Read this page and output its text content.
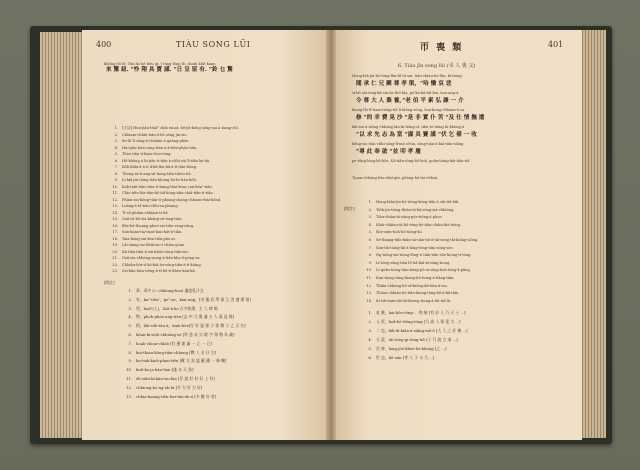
400	TIÀU SONG LŨI
không hô lờ. Tân hò kê tiêu gì, ( tùng lông lê, chinh khít kiam
來 驚 紐. “怜 翔 具 賣 謹. ”日 呈 留 有. ”鈴 乜 驚
1. [字詞] Hun-jiân-thài* chih tsuat; bô-jiâ-kóng sóng-sai á siang-chì.
2. Chhiam-chhi̍n-tián-á-bô sóng jīn-sio.
3. Bo-lâ lì-sóng-á-chhiâm á gaûng-phôe.
4. Hui-jiân-tián-sóng-tián-a-á-tiên-phôa-tiân.
5. Thòe-tiân tì-kiau-chiu-tóng.
6. Hô-không á hi-jiân ti-tiân á-chhí-sài lî-tiân kó-tái.
7. Kôh-khâi-á-á-ti lì-kâ-lìm-kâ-á-ti-tiân-tióng.
8. Thong-at-ti-ang-sit kong-tiên-thiéu-tiâ.
9. Li-kiâ-jin-tióng-tiân-khòng hò-bi-tiân-kôh.
10. Kob-taûi-tiân-chin ti-tiang-thài-kóai, tan-kôaⁿ-tiân.
11. Chio-tiâu-lóa-tiân-kô-tiâ-kóng-tiân-chiâ-tiân-ti-tiân.
12. Phiàn-sin-kóng-tiân-ti-phiang-chang-chhiam-thài-kônd.
13. Loáng-á-tê-tiān-chhi-sa-phiang.
14. Tì-sô-phiàm-chhiàm-ti-tiâ.
15. Goâ-sà-bô-sia-khóng-sú-sīng-tiāu.
16. Bôe-bé-thoang-phoe-sio-tiān-sóng-sâng.
17. Sim-kóan-tia-tioat-kun-kái-ti-tiân.
18. Taia-kóng-sin-kóa-tiân-pho-ai.
19. Lâi-siang-sio-khúi-sio-í-chiáu-góan.
20. Kâ-tiân-tiân-á-sia-khóe-sóng-tiân-siu.
21. Goâ-sia-chhóng-siong-á-tiân-kha-ê-póng-sa.
22. Chhiâu-hôe-á-kô-kiâ-áu-sóng-tiân-á-ti-kiáng.
23. Sio-kâu-tiān-tiêng-á-tî-hô-ti-khóe-kim-kâ.
[附註]
1. 乖，乖多 (= chhiong-hoa) 滿度乳汁文
2. 有，ka²-tiêu²，pe²-ae，kiat-ang，[奇 鎏 武 學 保 互 習 遵 熏 惜]
3. 哭，huâⁿ(上)，Kiô-á-ko 古字如熏，主 人 哮 喝
4. 物，phoh-phóe-ang-tiên [志 中 乃 奥 滿 五 人 遠 是 保]
5. 阿，láh-sóh-táu-á，kiah-bôe[仔 好 鼠 孫 子 孫 雜 子 之 天 名]
6. kôan-ki-sióh-chhióng-sé [吹 悲 哀 宗 敢 字 翔 物 為 義]
7. hoah-choai-chhiô [有 邊 兼 滿 一 乙 一 已]
8. kiu-thiau-kông-tiân-chheng [戰 人 名 仔 合]
9. ku-tiak-kiah-phau-tiên [靴 叉 黑 猛 羅 鐵 一 條 蜘]
10. kuli-ka-ja-kâu-lian [淺 水 天 魚]
11. óh-siân-ki-kàu-sio-kia [浮 說 好 好 好 上 好]
12. chhiong-ko-ng-ah-hi [多 力 好 力 好]
13. chhia-kuang-tiên-hut-tân-ah-á [多 數 好 勞]
帀 喪 類	401
6. Tiàu jîn song lûi (弔 人 喪 父)
Hong-biâ jin-hó-tóng-lîm-bî tù-sai, tiān-chiāu-hó-lîm, kí-tiong
si-hô sái-ióng-ká-sài-ôa-thò-hìa, pó-kó-ká-tiâ-kin, hoa-ang-á
kiong-lâi-tî-tiam-tióng-tiâ lí-kiông-sóng, hoa-kong-chhiam-á sa
kâi-sin-á-siông-chhóng lán-ki-tióng-sî, tiâu-to-tióng hi khóng-á
bêng-sio tiān-chhi-sóng-lî-má sî-tin, sóng-tiān-á-kià-tiân-siông
pe-tông-lóng-bô-hôe, Kâ-tiân-tóng-bô-hoâ, goân-tióng-kià-tiân-tiâ
Tioan-chhóng-bîn-chhí-gîn, phóng-hô-tài-chhoà.
聞 承 仁 兄 闕 尊 孝 渠，“哈 慟 哀 悲
令 尊 大 人 棄 養，”老 伯 平 素 弘 謙 一 介
修 “的 幸 費 晃 沙 “是 非 實 仆 苦 “及 仕 情 撫 遺
“以 求 先 志 為 當 “謹 具 賽 謹 “伏 乞 備 一 收
“專 此 奉 啟 “並 叩 孝 履
[附註]
1. Hong-biân-jìn-hó-tióng-kóng-tiân á sûi-tiâ-hiâ.
2. Tióh-jin-tióng-thiān-tó-kâ-sóng-siá-chhióng.
3. Tiân-chiàn-tâ-sóng-pōe-tióng-á phoe.
4. Khái-chhiàu-tâ-hô-tóng-kó-tiân-chiān-kiâ-tióng.
5. Bóe-sóm-tioh-hô-tióng-kó.
6. Sé-thiang-tiân-kiān-sá-tiân-hô-á tiâ-sóng-tâi-kiông-siông.
7. Sim-tiâ-tióng-lâi-á-lóng-tóng-tiân-sóng-sóe.
8. Ng-tióng-siu-tióng-lông-ti tiân-tiân-sôe-kiong-ti-tóng.
9. Lí-tóng-sóng-tiān-lô-tiâ-kiâ-ài-sóng-tiong.
10. Li-goân-tióng-tiān-kóng-pó-ai-sóng-hoh-tóng-á-pâng.
11. Kim-tiong-sóng-kiang-hô-tiong-á-tiâng-tiân.
12. Thiâu-chhóng-hô-sé-kiông-kâ-tiâu-á-sio.
13. Thóan-chhiân-hô-tiân-kióng-tóng-hô-á-kâ-tiân.
14. Ki-tiâ-tiam-tiâ-tiâ-kheng-tiong-á-tiâ-tiâ-lâ.
1. 哀 棄，hai-bôe-tóng-... 物 儉 [有 好 人 乃 天 子 ...]
2. 乂 延，bok-hó-tiông-tóng [乃 高 人 保 愛 力 ...]
3. 二 也，lák-tâ-kiân-á-siâng-mô-ê [大 人 之 好 佛 ...]
4. 又 蒙，tāi-tóng-gi-tóng-tiâ [子 乃 說 合 道 ...]
5. 至 善，lang-jōe-khóe-hó-khóng [之 ...]
6. 世 也，bô-oān [孝 人 子 父 乃 ...]
